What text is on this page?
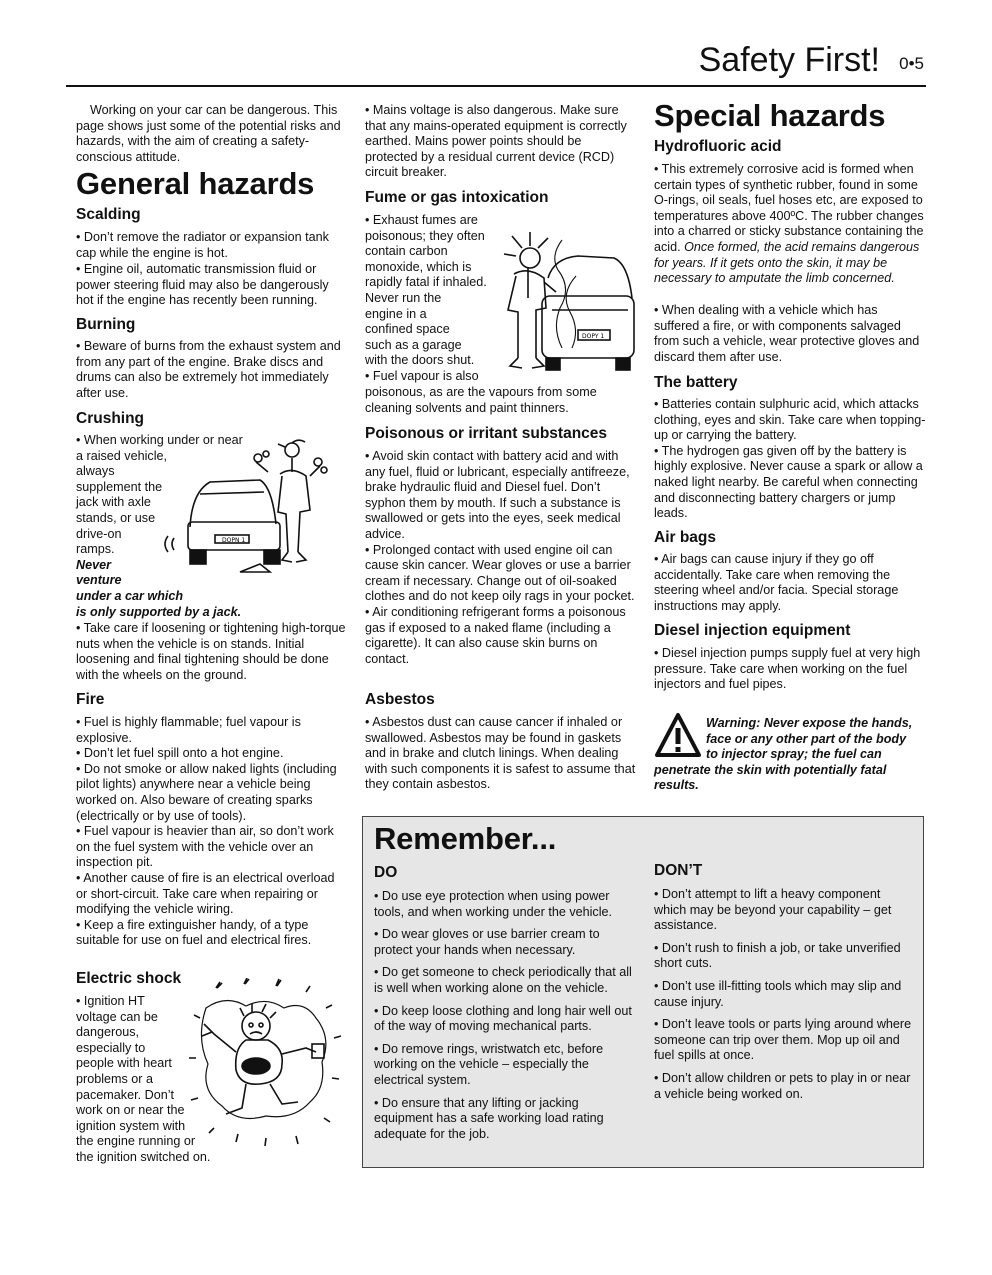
Safety First! 0•5

Working on your car can be dangerous. This page shows just some of the potential risks and hazards, with the aim of creating a safety-conscious attitude.

General hazards
Scalding

• Don’t remove the radiator or expansion tank cap while the engine is hot.

• Engine oil, automatic transmission fluid or power steering fluid may also be dangerously hot if the engine has recently been running.

Burning

• Beware of burns from the exhaust system and from any part of the engine. Brake discs and drums can also be extremely hot immediately after use.

Crushing

• When working under or near

a raised vehicle,

always

supplement the

jack with axle

stands, or use

drive-on

ramps.

Never

venture

under a car which

is only supported by a jack.

• Take care if loosening or tightening high-torque nuts when the vehicle is on stands. Initial loosening and final tightening should be done with the wheels on the ground.

DOPN 1
Fire

• Fuel is highly flammable; fuel vapour is explosive.

• Don’t let fuel spill onto a hot engine.

• Do not smoke or allow naked lights (including pilot lights) anywhere near a vehicle being worked on. Also beware of creating sparks

(electrically or by use of tools).

• Fuel vapour is heavier than air, so don’t work on the fuel system with the vehicle over an inspection pit.

• Another cause of fire is an electrical overload or short-circuit. Take care when repairing or modifying the vehicle wiring.

• Keep a fire extinguisher handy, of a type suitable for use on fuel and electrical fires.

Electric shock

• Ignition HT

voltage can be

dangerous,

especially to

people with heart

problems or a

pacemaker. Don’t

work on or near the

ignition system with

the engine running or

the ignition switched on.

• Mains voltage is also dangerous. Make sure that any mains-operated equipment is correctly earthed. Mains power points should be protected by a residual current device (RCD) circuit breaker.

Fume or gas intoxication

• Exhaust fumes are

poisonous; they often

contain carbon

monoxide, which is

rapidly fatal if inhaled.

Never run the

engine in a

confined space

such as a garage

with the doors shut.

• Fuel vapour is also

poisonous, as are the vapours from some cleaning solvents and paint thinners.

DOPY 1
Poisonous or irritant substances

• Avoid skin contact with battery acid and with any fuel, fluid or lubricant, especially antifreeze, brake hydraulic fluid and Diesel fuel. Don’t syphon them by mouth. If such a substance is swallowed or gets into the eyes, seek medical advice.

• Prolonged contact with used engine oil can cause skin cancer. Wear gloves or use a barrier cream if necessary. Change out of oil-soaked clothes and do not keep oily rags in your pocket.

• Air conditioning refrigerant forms a poisonous gas if exposed to a naked flame (including a cigarette). It can also cause skin burns on contact.

Asbestos

• Asbestos dust can cause cancer if inhaled or swallowed. Asbestos may be found in gaskets and in brake and clutch linings. When dealing with such components it is safest to assume that they contain asbestos.

Special hazards
Hydrofluoric acid

• This extremely corrosive acid is formed when certain types of synthetic rubber, found in some O-rings, oil seals, fuel hoses etc, are exposed to temperatures above 400ºC. The rubber changes into a charred or sticky substance containing the acid. Once formed, the acid remains dangerous for years. If it gets onto the skin, it may be necessary to amputate the limb concerned.

• When dealing with a vehicle which has suffered a fire, or with components salvaged from such a vehicle, wear protective gloves and discard them after use.

The battery

• Batteries contain sulphuric acid, which attacks clothing, eyes and skin. Take care when topping-up or carrying the battery.

• The hydrogen gas given off by the battery is highly explosive. Never cause a spark or allow a naked light nearby. Be careful when connecting and disconnecting battery chargers or jump leads.

Air bags

• Air bags can cause injury if they go off accidentally. Take care when removing the steering wheel and/or facia. Special storage instructions may apply.

Diesel injection equipment

• Diesel injection pumps supply fuel at very high pressure. Take care when working on the fuel injectors and fuel pipes.

Warning: Never expose the hands,

face or any other part of the body

to injector spray; the fuel can

penetrate the skin with potentially fatal

results.

Remember...
DO

• Do use eye protection when using power tools, and when working under the vehicle.

• Do wear gloves or use barrier cream to protect your hands when necessary.

• Do get someone to check periodically that all is well when working alone on the vehicle.

• Do keep loose clothing and long hair well out of the way of moving mechanical parts.

• Do remove rings, wristwatch etc, before working on the vehicle – especially the electrical system.

• Do ensure that any lifting or jacking equipment has a safe working load rating adequate for the job.

DON’T

• Don’t attempt to lift a heavy component which may be beyond your capability – get assistance.

• Don’t rush to finish a job, or take unverified short cuts.

• Don’t use ill-fitting tools which may slip and cause injury.

• Don’t leave tools or parts lying around where someone can trip over them. Mop up oil and fuel spills at once.

• Don’t allow children or pets to play in or near a vehicle being worked on.
